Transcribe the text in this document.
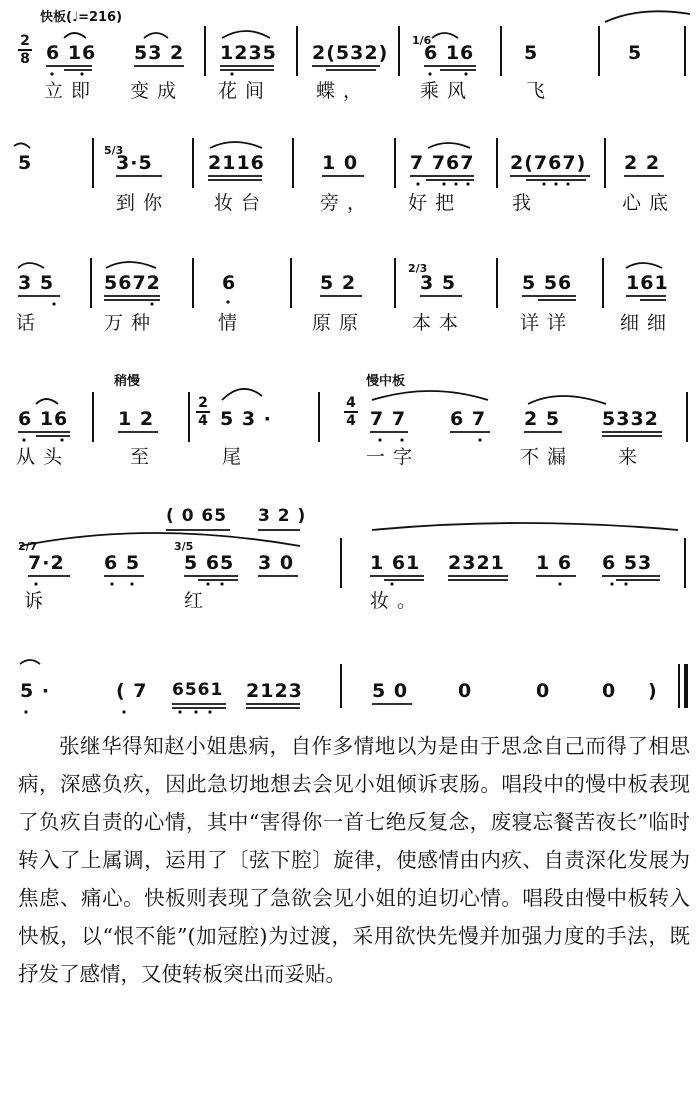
快板(♩=216)
2
8 6 16 53 2 1235 2(532)
1/6
6 16	5	5
立即 变成 花间 蝶，	乘风	飞
5
5/3
3·5	2116	1 0	7 767 2(767) 2 2
到你 妆台	旁， 好把	我	心底
3 5	5672	6	5 2
2/3
3 5	5 56	161
话	万种	情	原原 本本	详详 细细
稍慢	慢中板
6 16	1 2
2
4 5 3 ·
4
4 7 7 6 7 2 5 5332
从头	至	尾	一字	不漏 来
( 0 65 3 2 )
2/7
7·2 6 5
3/5
5 65 3 0	1 61 2321 1 6 6 53
诉	红	妆。
5 ·	( 7 6561 2123	5 0	0	0	0 )

张继华得知赵小姐患病，自作多情地以为是由于思念自己而得了相思病，深感负疚，因此急切地想去会见小姐倾诉衷肠。唱段中的慢中板表现了负疚自责的心情，其中“害得你一首七绝反复念，废寝忘餐苦夜长”临时转入了上属调，运用了〔弦下腔〕旋律，使感情由内疚、自责深化发展为焦虑、痛心。快板则表现了急欲会见小姐的迫切心情。唱段由慢中板转入快板，以“恨不能”(加冠腔)为过渡，采用欲快先慢并加强力度的手法，既抒发了感情，又使转板突出而妥贴。
